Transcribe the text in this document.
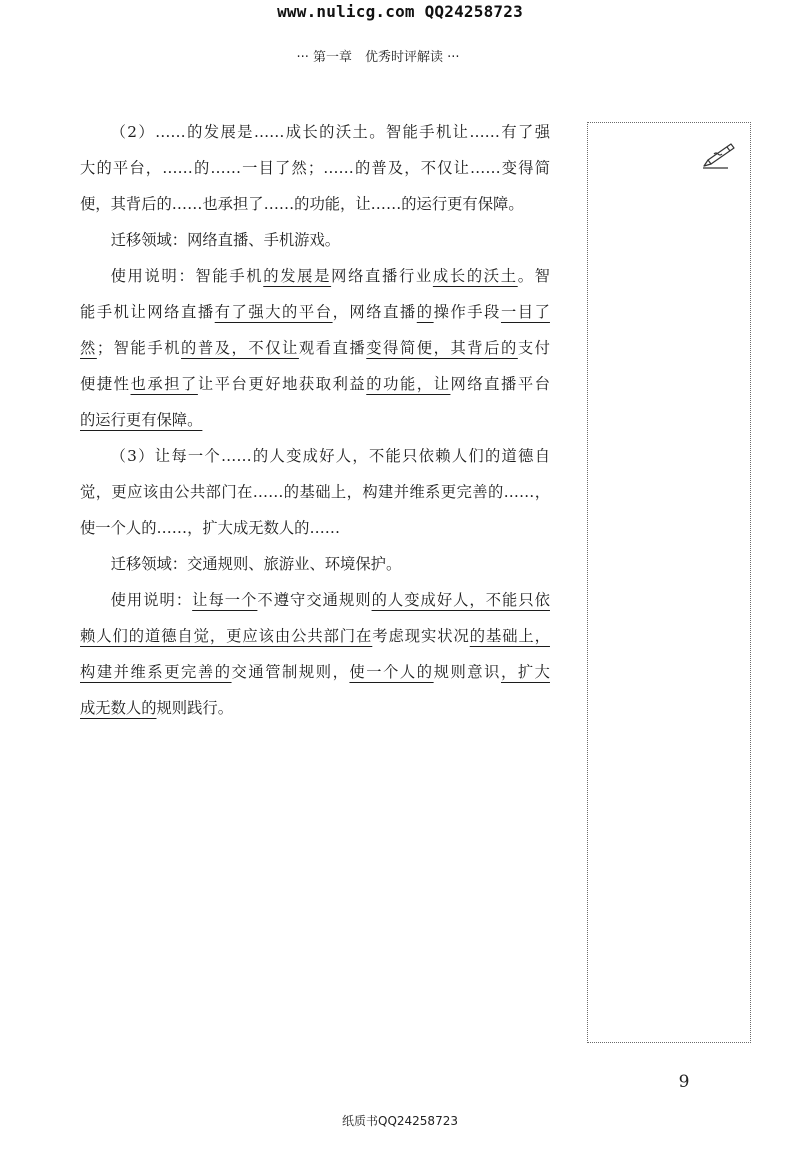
www.nulicg.com QQ24258723
··· 第一章　优秀时评解读 ···
（2）……的发展是……成长的沃土。智能手机让……有了强
大的平台，……的……一目了然；……的普及，不仅让……变得简
便，其背后的……也承担了……的功能，让……的运行更有保障。
迁移领域：网络直播、手机游戏。
使用说明：智能手机的发展是网络直播行业成长的沃土。智
能手机让网络直播有了强大的平台，网络直播的操作手段一目了
然；智能手机的普及，不仅让观看直播变得简便，其背后的支付
便捷性也承担了让平台更好地获取利益的功能，让网络直播平台
的运行更有保障。
（3）让每一个……的人变成好人，不能只依赖人们的道德自
觉，更应该由公共部门在……的基础上，构建并维系更完善的……，
使一个人的……，扩大成无数人的……
迁移领域：交通规则、旅游业、环境保护。
使用说明：让每一个不遵守交通规则的人变成好人，不能只依
赖人们的道德自觉，更应该由公共部门在考虑现实状况的基础上，
构建并维系更完善的交通管制规则，使一个人的规则意识，扩大
成无数人的规则践行。
9
纸质书QQ24258723
